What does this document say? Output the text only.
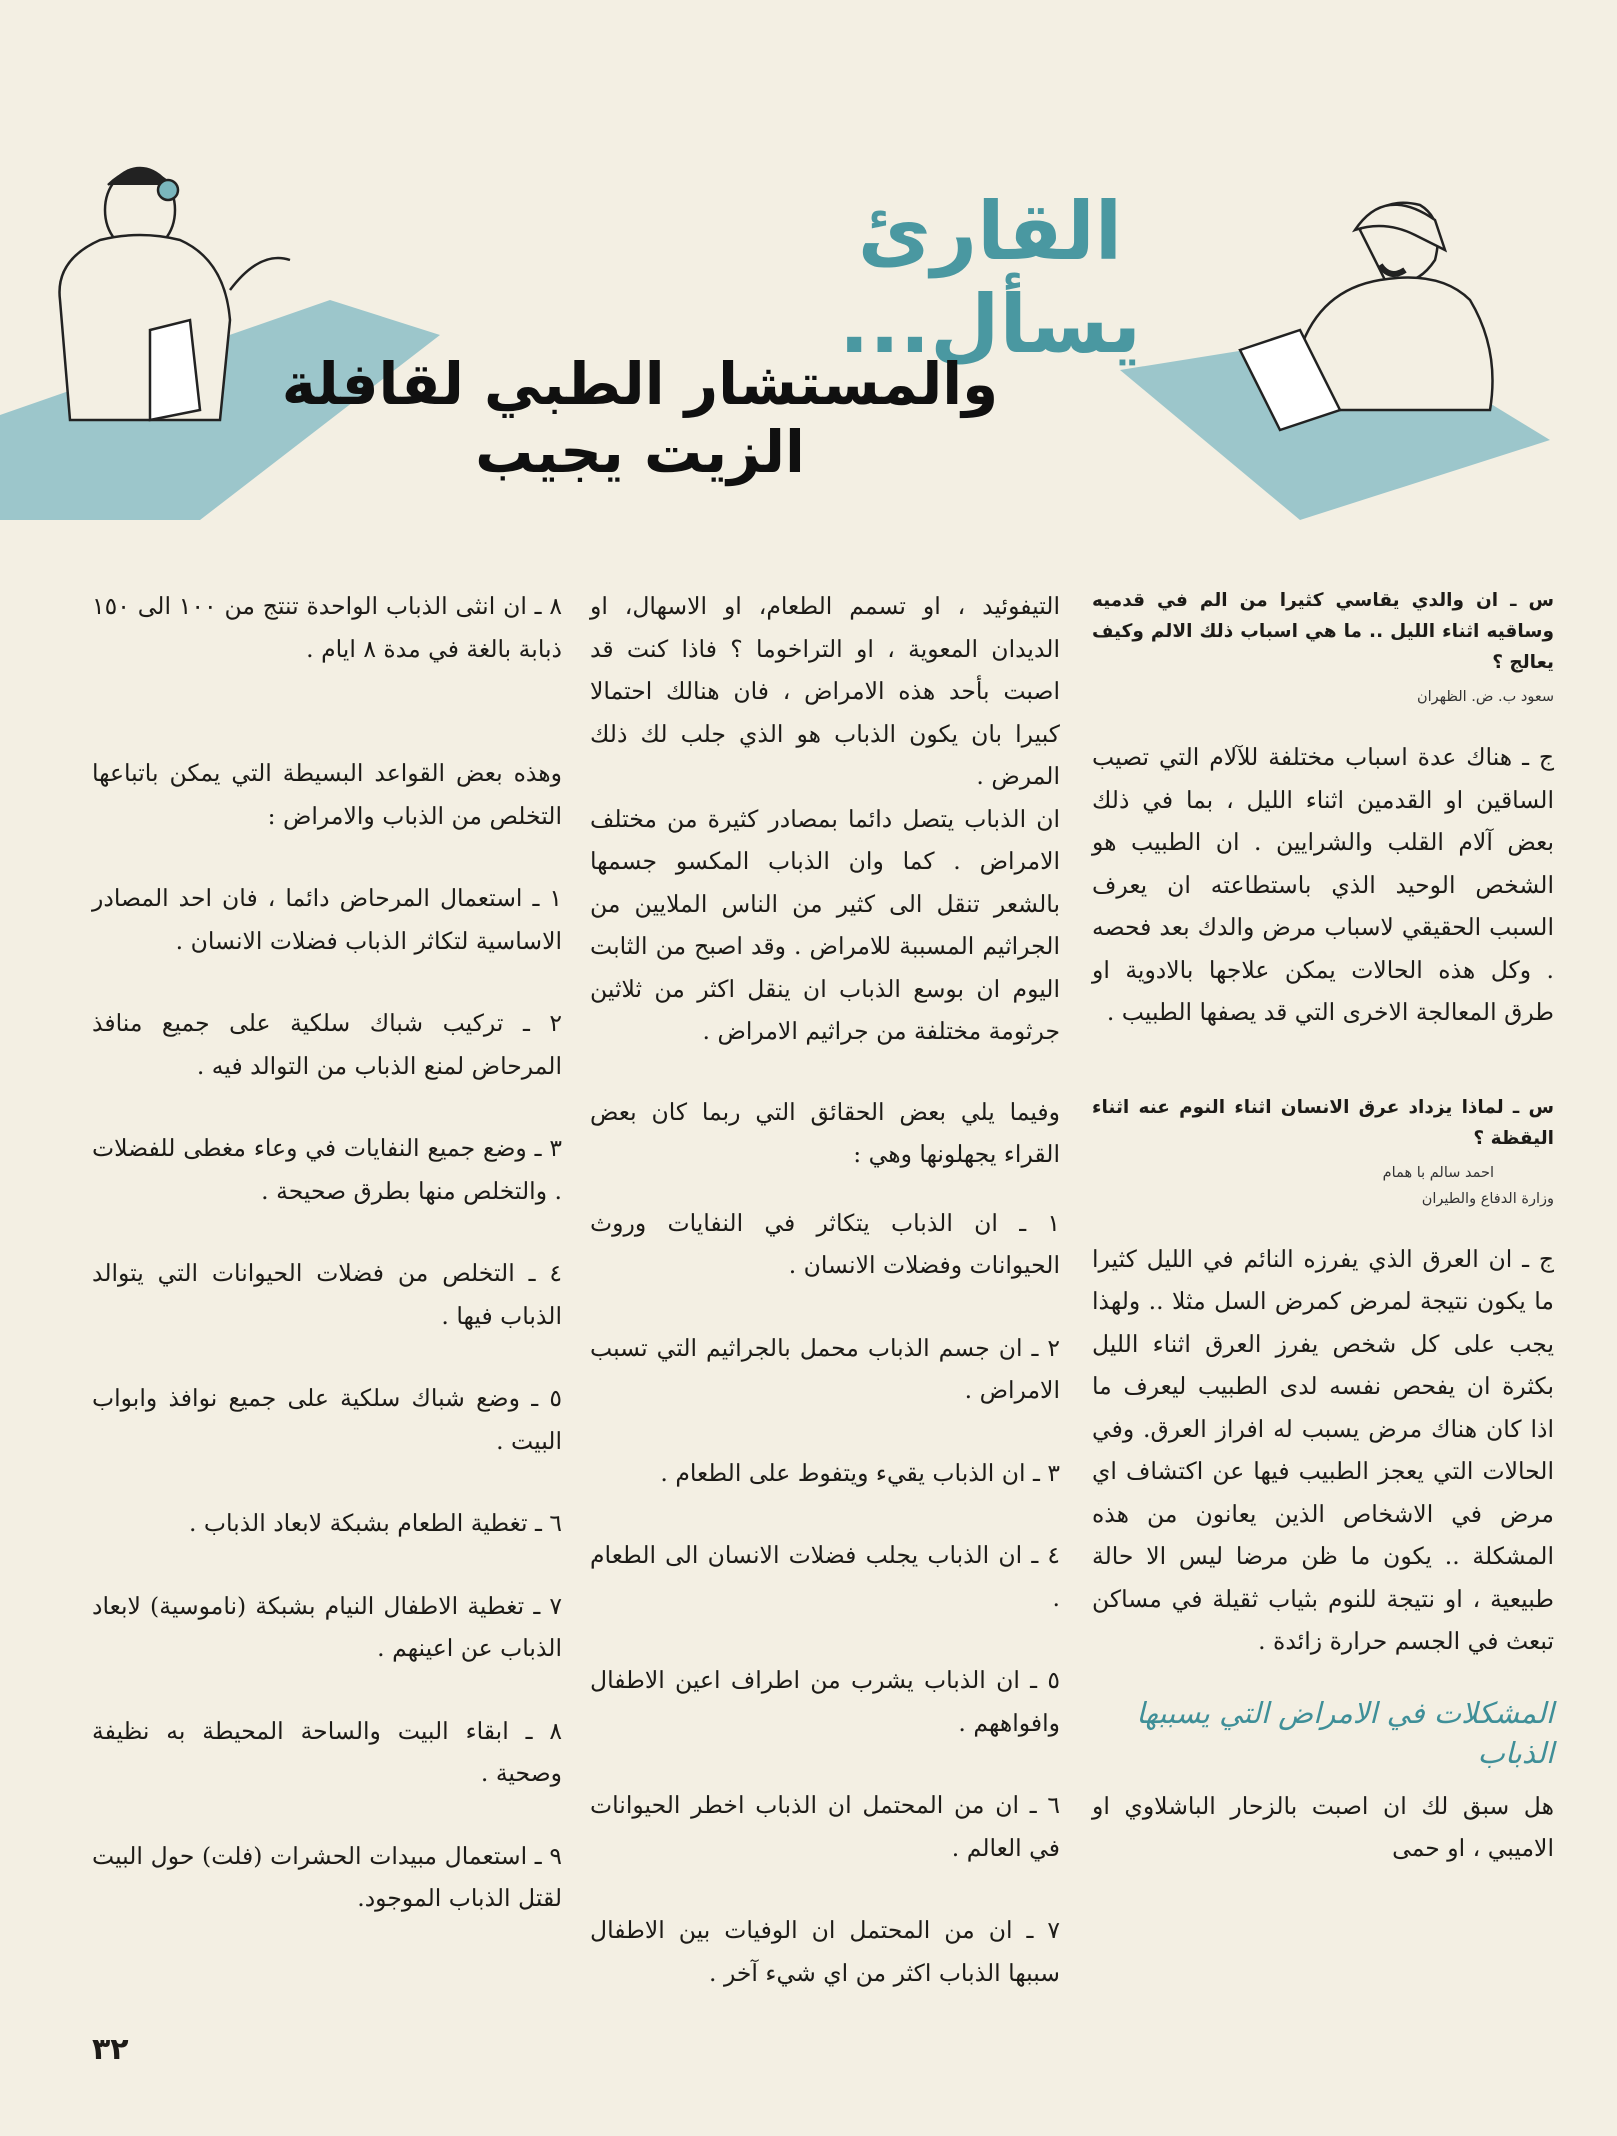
القارئ يسأل...
والمستشار الطبي لقافلة الزيت يجيب

س ـ ان والدي يقاسي كثيرا من الم في قدميه وساقيه اثناء الليل .. ما هي اسباب ذلك الالم وكيف يعالج ؟

سعود ب. ض. الظهران

ج ـ هناك عدة اسباب مختلفة للآلام التي تصيب الساقين او القدمين اثناء الليل ، بما في ذلك بعض آلام القلب والشرايين . ان الطبيب هو الشخص الوحيد الذي باستطاعته ان يعرف السبب الحقيقي لاسباب مرض والدك بعد فحصه . وكل هذه الحالات يمكن علاجها بالادوية او طرق المعالجة الاخرى التي قد يصفها الطبيب .

س ـ لماذا يزداد عرق الانسان اثناء النوم عنه اثناء اليقظة ؟

احمد سالم با همام

وزارة الدفاع والطيران

ج ـ ان العرق الذي يفرزه النائم في الليل كثيرا ما يكون نتيجة لمرض كمرض السل مثلا .. ولهذا يجب على كل شخص يفرز العرق اثناء الليل بكثرة ان يفحص نفسه لدى الطبيب ليعرف ما اذا كان هناك مرض يسبب له افراز العرق. وفي الحالات التي يعجز الطبيب فيها عن اكتشاف اي مرض في الاشخاص الذين يعانون من هذه المشكلة .. يكون ما ظن مرضا ليس الا حالة طبيعية ، او نتيجة للنوم بثياب ثقيلة في مساكن تبعث في الجسم حرارة زائدة .

المشكلات في الامراض التي يسببها الذباب

هل سبق لك ان اصبت بالزحار الباشلاوي او الاميبي ، او حمى

التيفوئيد ، او تسمم الطعام، او الاسهال، او الديدان المعوية ، او التراخوما ؟ فاذا كنت قد اصبت بأحد هذه الامراض ، فان هنالك احتمالا كبيرا بان يكون الذباب هو الذي جلب لك ذلك المرض .

ان الذباب يتصل دائما بمصادر كثيرة من مختلف الامراض . كما وان الذباب المكسو جسمها بالشعر تنقل الى كثير من الناس الملايين من الجراثيم المسببة للامراض . وقد اصبح من الثابت اليوم ان بوسع الذباب ان ينقل اكثر من ثلاثين جرثومة مختلفة من جراثيم الامراض .

وفيما يلي بعض الحقائق التي ربما كان بعض القراء يجهلونها وهي :

١ ـ ان الذباب يتكاثر في النفايات وروث الحيوانات وفضلات الانسان .

٢ ـ ان جسم الذباب محمل بالجراثيم التي تسبب الامراض .

٣ ـ ان الذباب يقيء ويتفوط على الطعام .

٤ ـ ان الذباب يجلب فضلات الانسان الى الطعام .

٥ ـ ان الذباب يشرب من اطراف اعين الاطفال وافواههم .

٦ ـ ان من المحتمل ان الذباب اخطر الحيوانات في العالم .

٧ ـ ان من المحتمل ان الوفيات بين الاطفال سببها الذباب اكثر من اي شيء آخر .

٨ ـ ان انثى الذباب الواحدة تنتج من ١٠٠ الى ١٥٠ ذبابة بالغة في مدة ٨ ايام .

وهذه بعض القواعد البسيطة التي يمكن باتباعها التخلص من الذباب والامراض :

١ ـ استعمال المرحاض دائما ، فان احد المصادر الاساسية لتكاثر الذباب فضلات الانسان .

٢ ـ تركيب شباك سلكية على جميع منافذ المرحاض لمنع الذباب من التوالد فيه .

٣ ـ وضع جميع النفايات في وعاء مغطى للفضلات . والتخلص منها بطرق صحيحة .

٤ ـ التخلص من فضلات الحيوانات التي يتوالد الذباب فيها .

٥ ـ وضع شباك سلكية على جميع نوافذ وابواب البيت .

٦ ـ تغطية الطعام بشبكة لابعاد الذباب .

٧ ـ تغطية الاطفال النيام بشبكة (ناموسية) لابعاد الذباب عن اعينهم .

٨ ـ ابقاء البيت والساحة المحيطة به نظيفة وصحية .

٩ ـ استعمال مبيدات الحشرات (فلت) حول البيت لقتل الذباب الموجود.

٣٢
